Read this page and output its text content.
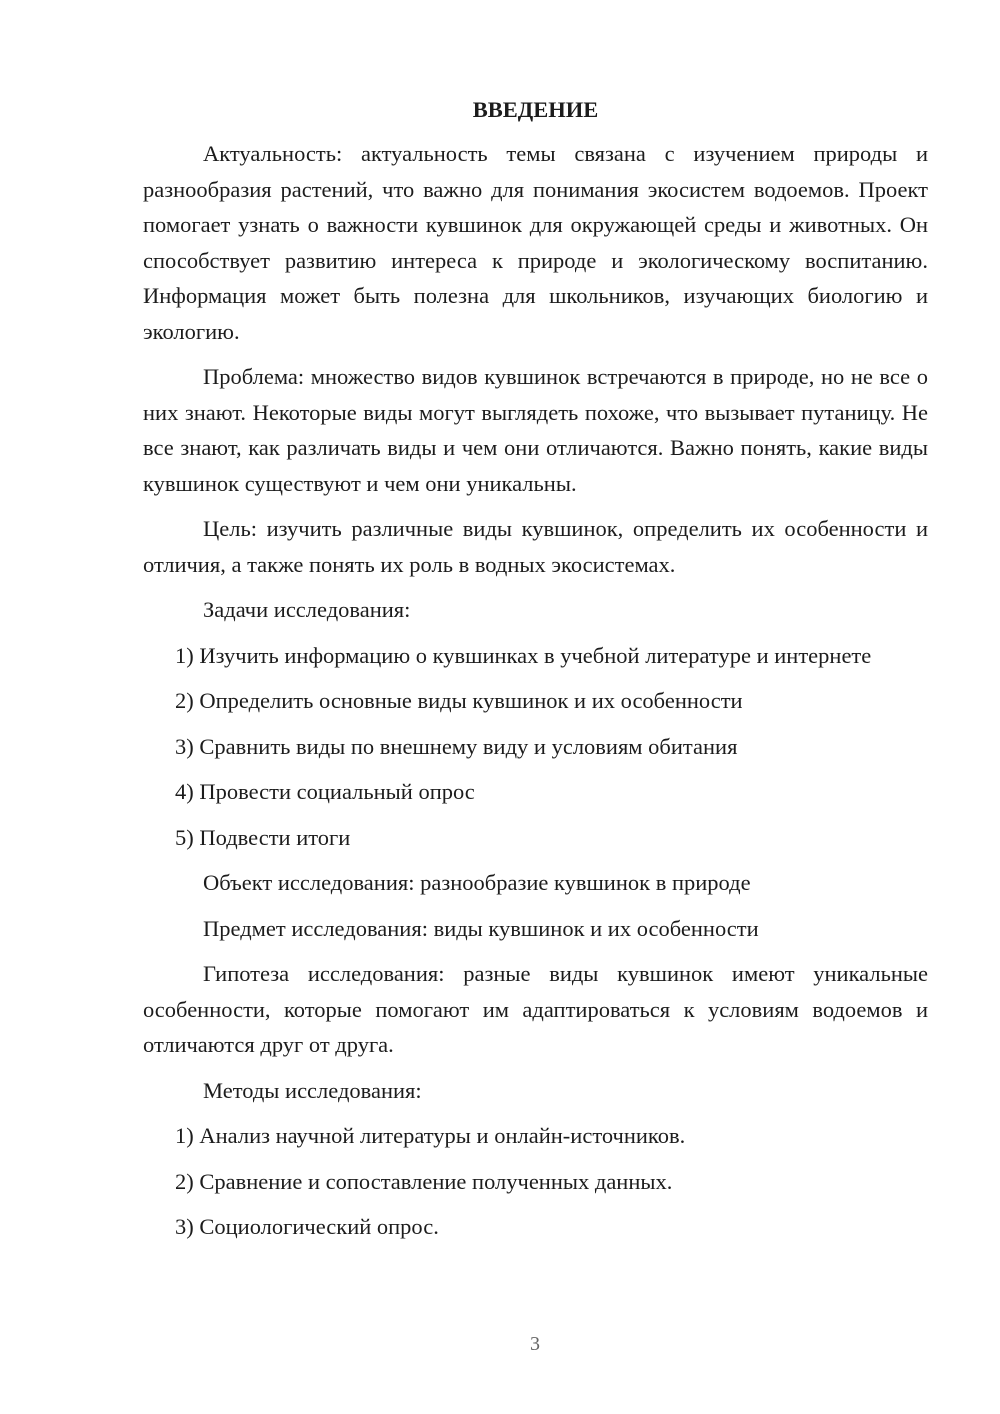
ВВЕДЕНИЕ
Актуальность: актуальность темы связана с изучением природы и разнообразия растений, что важно для понимания экосистем водоемов. Проект помогает узнать о важности кувшинок для окружающей среды и животных. Он способствует развитию интереса к природе и экологическому воспитанию. Информация может быть полезна для школьников, изучающих биологию и экологию.
Проблема: множество видов кувшинок встречаются в природе, но не все о них знают. Некоторые виды могут выглядеть похоже, что вызывает путаницу. Не все знают, как различать виды и чем они отличаются. Важно понять, какие виды кувшинок существуют и чем они уникальны.
Цель: изучить различные виды кувшинок, определить их особенности и отличия, а также понять их роль в водных экосистемах.
Задачи исследования:
1) Изучить информацию о кувшинках в учебной литературе и интернете
2) Определить основные виды кувшинок и их особенности
3) Сравнить виды по внешнему виду и условиям обитания
4) Провести социальный опрос
5) Подвести итоги
Объект исследования: разнообразие кувшинок в природе
Предмет исследования: виды кувшинок и их особенности
Гипотеза исследования: разные виды кувшинок имеют уникальные особенности, которые помогают им адаптироваться к условиям водоемов и отличаются друг от друга.
Методы исследования:
1) Анализ научной литературы и онлайн-источников.
2) Сравнение и сопоставление полученных данных.
3) Социологический опрос.
3
